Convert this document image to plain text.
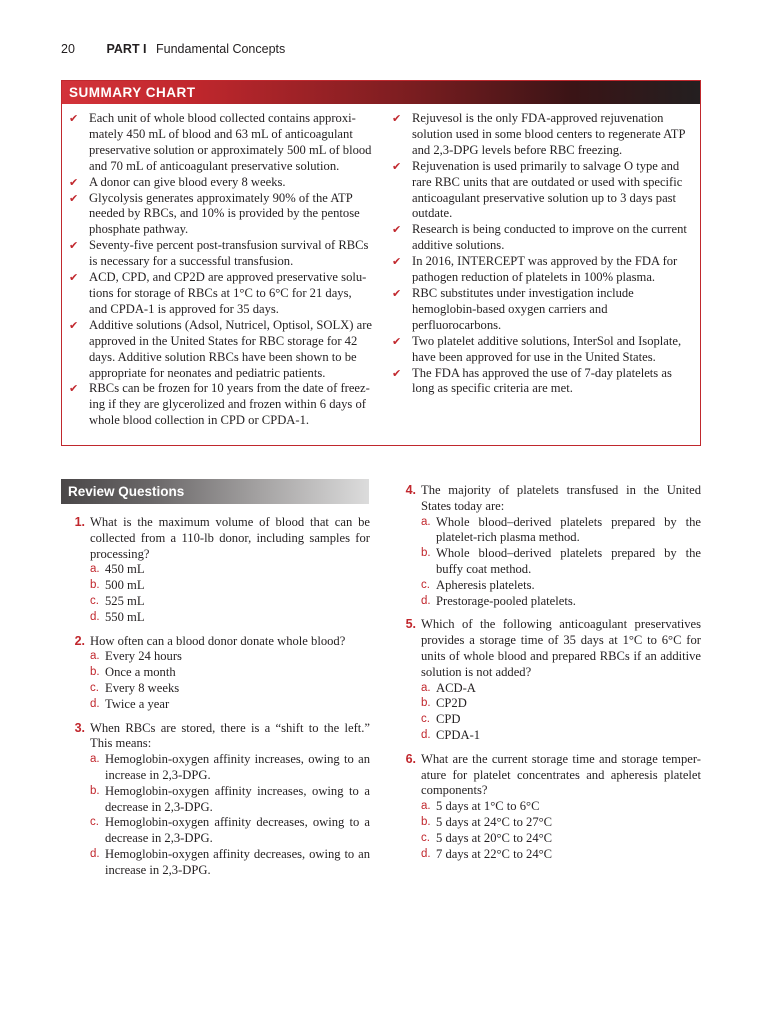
20	PART I Fundamental Concepts
SUMMARY CHART
✔ Each unit of whole blood collected contains approxi-mately 450 mL of blood and 63 mL of anticoagulant preservative solution or approximately 500 mL of blood and 70 mL of anticoagulant preservative solution.
✔ A donor can give blood every 8 weeks.
✔ Glycolysis generates approximately 90% of the ATP needed by RBCs, and 10% is provided by the pentose phosphate pathway.
✔ Seventy-five percent post-transfusion survival of RBCs is necessary for a successful transfusion.
✔ ACD, CPD, and CP2D are approved preservative solu-tions for storage of RBCs at 1°C to 6°C for 21 days, and CPDA-1 is approved for 35 days.
✔ Additive solutions (Adsol, Nutricel, Optisol, SOLX) are approved in the United States for RBC storage for 42 days. Additive solution RBCs have been shown to be appropriate for neonates and pediatric patients.
✔ RBCs can be frozen for 10 years from the date of freez-ing if they are glycerolized and frozen within 6 days of whole blood collection in CPD or CPDA-1.
✔ Rejuvesol is the only FDA-approved rejuvenation solution used in some blood centers to regenerate ATP and 2,3-DPG levels before RBC freezing.
✔ Rejuvenation is used primarily to salvage O type and rare RBC units that are outdated or used with specific anticoagulant preservative solution up to 3 days past outdate.
✔ Research is being conducted to improve on the current additive solutions.
✔ In 2016, INTERCEPT was approved by the FDA for pathogen reduction of platelets in 100% plasma.
✔ RBC substitutes under investigation include hemoglobin-based oxygen carriers and perfluorocarbons.
✔ Two platelet additive solutions, InterSol and Isoplate, have been approved for use in the United States.
✔ The FDA has approved the use of 7-day platelets as long as specific criteria are met.
Review Questions
1. What is the maximum volume of blood that can be collected from a 110-lb donor, including samples for processing?
a. 450 mL
b. 500 mL
c. 525 mL
d. 550 mL
2. How often can a blood donor donate whole blood?
a. Every 24 hours
b. Once a month
c. Every 8 weeks
d. Twice a year
3. When RBCs are stored, there is a “shift to the left.” This means:
a. Hemoglobin-oxygen affinity increases, owing to an increase in 2,3-DPG.
b. Hemoglobin-oxygen affinity increases, owing to a decrease in 2,3-DPG.
c. Hemoglobin-oxygen affinity decreases, owing to a decrease in 2,3-DPG.
d. Hemoglobin-oxygen affinity decreases, owing to an increase in 2,3-DPG.
4. The majority of platelets transfused in the United States today are:
a. Whole blood–derived platelets prepared by the platelet-rich plasma method.
b. Whole blood–derived platelets prepared by the buffy coat method.
c. Apheresis platelets.
d. Prestorage-pooled platelets.
5. Which of the following anticoagulant preservatives provides a storage time of 35 days at 1°C to 6°C for units of whole blood and prepared RBCs if an additive solution is not added?
a. ACD-A
b. CP2D
c. CPD
d. CPDA-1
6. What are the current storage time and storage temper-ature for platelet concentrates and apheresis platelet components?
a. 5 days at 1°C to 6°C
b. 5 days at 24°C to 27°C
c. 5 days at 20°C to 24°C
d. 7 days at 22°C to 24°C
